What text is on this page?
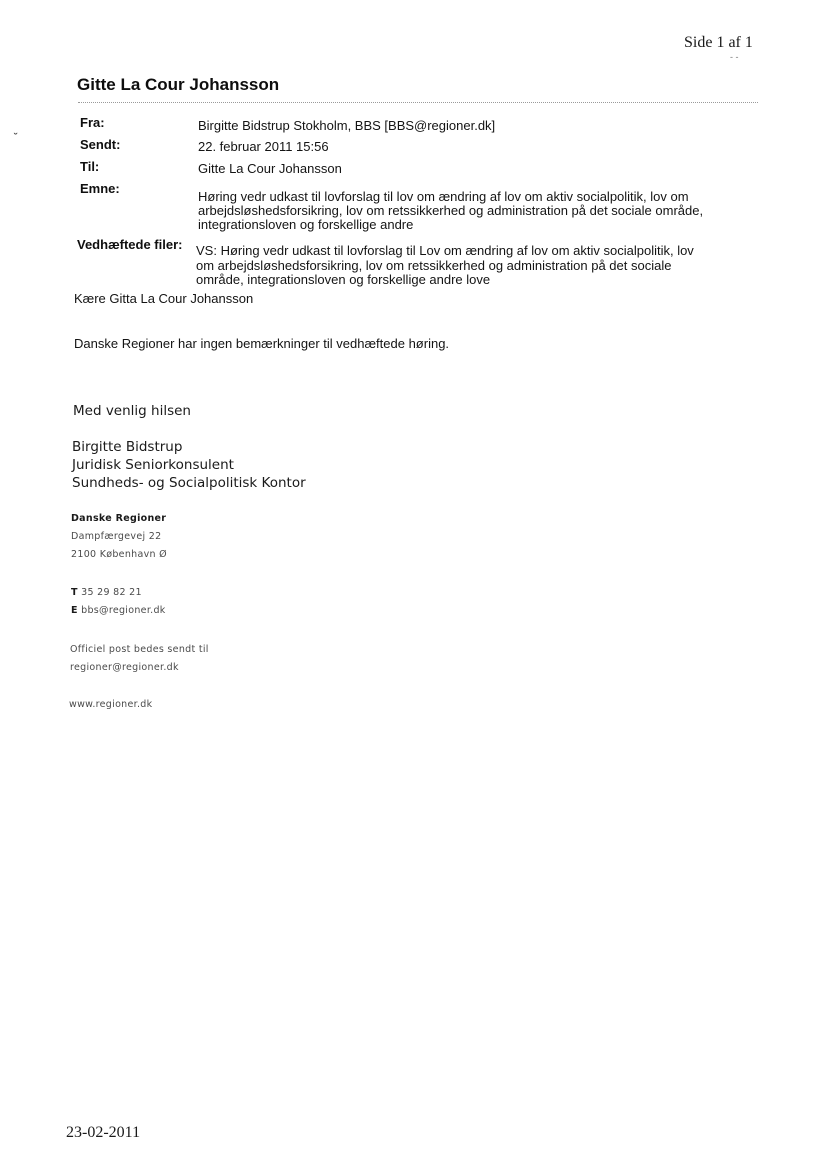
Side 1 af 1
- -
˘
Gitte La Cour Johansson
Fra:	Birgitte Bidstrup Stokholm, BBS [BBS@regioner.dk]
Sendt:	22. februar 2011 15:56
Til:	Gitte La Cour Johansson
Emne:
Høring vedr udkast til lovforslag til lov om ændring af lov om aktiv socialpolitik, lov om
arbejdsløshedsforsikring, lov om retssikkerhed og administration på det sociale område,
integrationsloven og forskellige andre
Vedhæftede filer: VS: Høring vedr udkast til lovforslag til Lov om ændring af lov om aktiv socialpolitik, lov
om arbejdsløshedsforsikring, lov om retssikkerhed og administration på det sociale
område, integrationsloven og forskellige andre love
Kære Gitta La Cour Johansson
Danske Regioner har ingen bemærkninger til vedhæftede høring.
Med venlig hilsen
Birgitte Bidstrup
Juridisk Seniorkonsulent
Sundheds- og Socialpolitisk Kontor
Danske Regioner
Dampfærgevej 22
2100 København Ø
T 35 29 82 21
E bbs@regioner.dk
Officiel post bedes sendt til
regioner@regioner.dk
www.regioner.dk
23-02-2011
